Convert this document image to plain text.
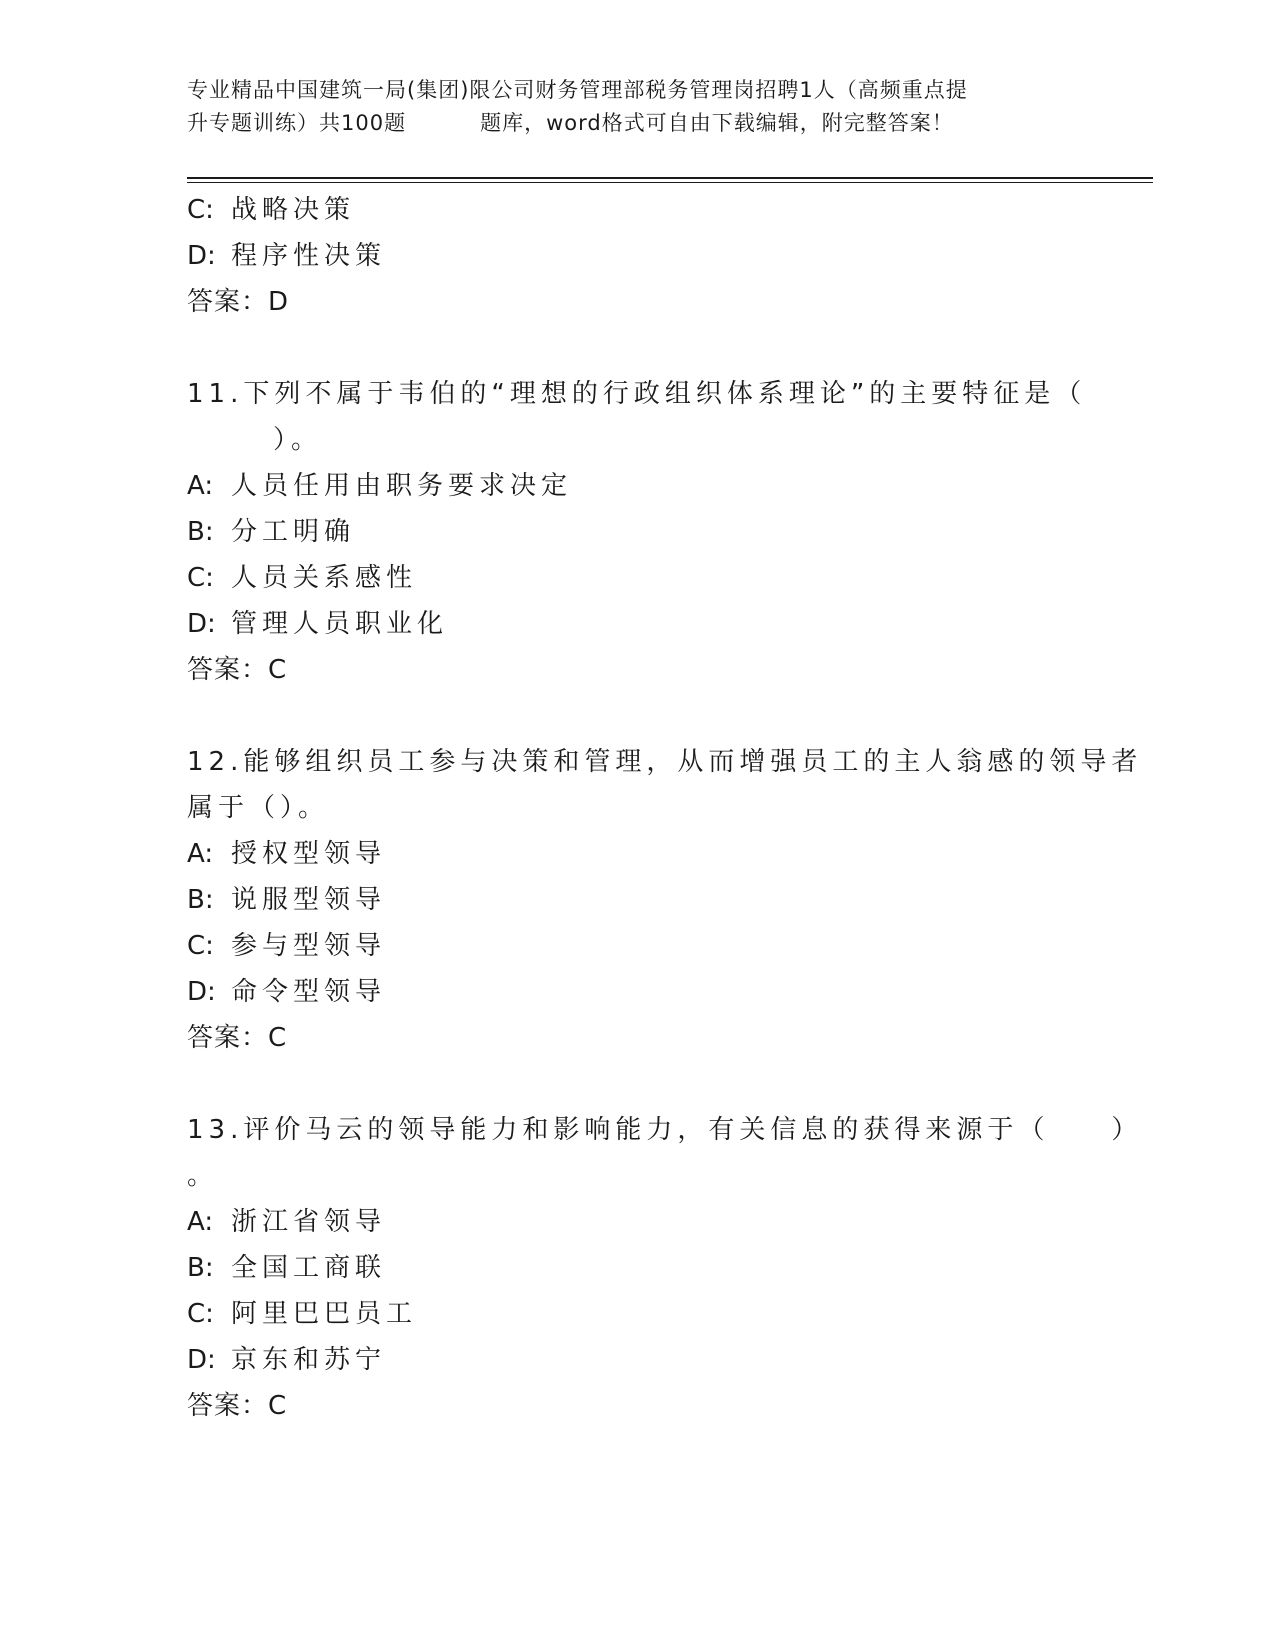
专业精品中国建筑一局(集团)限公司财务管理部税务管理岗招聘1人（高频重点提
升专题训练）共100题	题库，word格式可自由下载编辑，附完整答案！
C: 战略决策
D: 程序性决策
答案：D
11.下列不属于韦伯的“理想的行政组织体系理论”的主要特征是（
）。
A: 人员任用由职务要求决定
B: 分工明确
C: 人员关系感性
D: 管理人员职业化
答案：C
12.能够组织员工参与决策和管理，从而增强员工的主人翁感的领导者
属于（）。
A: 授权型领导
B: 说服型领导
C: 参与型领导
D: 命令型领导
答案：C
13.评价马云的领导能力和影响能力，有关信息的获得来源于（　　）
。
A: 浙江省领导
B: 全国工商联
C: 阿里巴巴员工
D: 京东和苏宁
答案：C
